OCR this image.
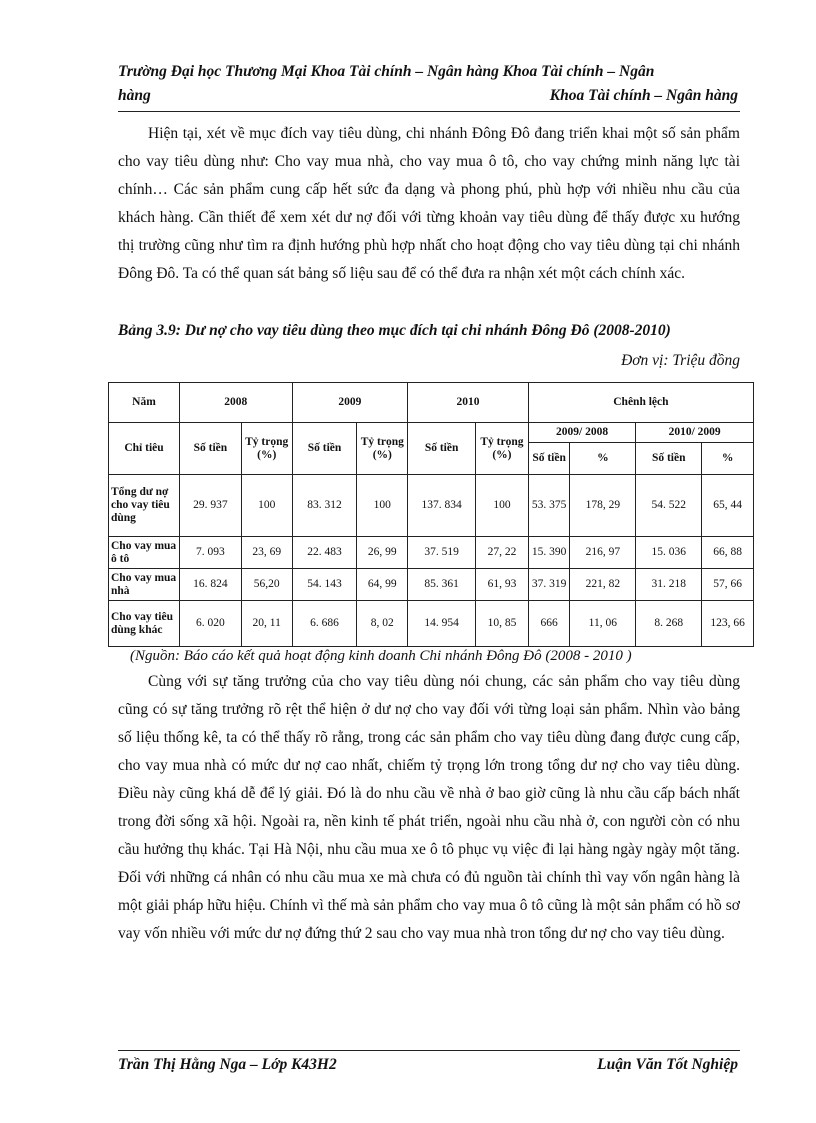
Trường Đại học Thương Mại Khoa Tài chính – Ngân hàng Khoa Tài chính – Ngân
hàng	Khoa Tài chính – Ngân hàng

Hiện tại, xét về mục đích vay tiêu dùng, chi nhánh Đông Đô đang triển khai một số sản phẩm cho vay tiêu dùng như: Cho vay mua nhà, cho vay mua ô tô, cho vay chứng minh năng lực tài chính… Các sản phẩm cung cấp hết sức đa dạng và phong phú, phù hợp với nhiều nhu cầu của khách hàng. Cần thiết để xem xét dư nợ đối với từng khoản vay tiêu dùng để thấy được xu hướng thị trường cũng như tìm ra định hướng phù hợp nhất cho hoạt động cho vay tiêu dùng tại chi nhánh Đông Đô. Ta có thể quan sát bảng số liệu sau để có thể đưa ra nhận xét một cách chính xác.

Bảng 3.9: Dư nợ cho vay tiêu dùng theo mục đích tại chi nhánh Đông Đô (2008-2010)
Đơn vị: Triệu đồng
Năm	2008		2009		2010		Chênh lệch			
Chỉ tiêu	Số tiền	Tỷ trọng (%)	Số tiền	Tỷ trọng (%)	Số tiền	Tỷ trọng (%)	2009/ 2008		2010/ 2009	
							Số tiền	%	Số tiền	%
Tổng dư nợ cho vay tiêu dùng	29. 937	100	83. 312	100	137. 834	100	53. 375	178, 29	54. 522	65, 44
Cho vay mua ô tô	7. 093	23, 69	22. 483	26, 99	37. 519	27, 22	15. 390	216, 97	15. 036	66, 88
Cho vay mua nhà	16. 824	56,20	54. 143	64, 99	85. 361	61, 93	37. 319	221, 82	31. 218	57, 66
Cho vay tiêu dùng khác	6. 020	20, 11	6. 686	8, 02	14. 954	10, 85	666	11, 06	8. 268	123, 66
(Nguồn: Báo cáo kết quả hoạt động kinh doanh Chi nhánh Đông Đô (2008 - 2010 )

Cùng với sự tăng trưởng của cho vay tiêu dùng nói chung, các sản phẩm cho vay tiêu dùng cũng có sự tăng trưởng rõ rệt thể hiện ở dư nợ cho vay đối với từng loại sản phẩm. Nhìn vào bảng số liệu thống kê, ta có thể thấy rõ rằng, trong các sản phẩm cho vay tiêu dùng đang được cung cấp, cho vay mua nhà có mức dư nợ cao nhất, chiếm tỷ trọng lớn trong tổng dư nợ cho vay tiêu dùng. Điều này cũng khá dễ để lý giải. Đó là do nhu cầu về nhà ở bao giờ cũng là nhu cầu cấp bách nhất trong đời sống xã hội. Ngoài ra, nền kinh tế phát triển, ngoài nhu cầu nhà ở, con người còn có nhu cầu hưởng thụ khác. Tại Hà Nội, nhu cầu mua xe ô tô phục vụ việc đi lại hàng ngày ngày một tăng. Đối với những cá nhân có nhu cầu mua xe mà chưa có đủ nguồn tài chính thì vay vốn ngân hàng là một giải pháp hữu hiệu. Chính vì thế mà sản phẩm cho vay mua ô tô cũng là một sản phẩm có hồ sơ vay vốn nhiều với mức dư nợ đứng thứ 2 sau cho vay mua nhà tron tổng dư nợ cho vay tiêu dùng.

Trần Thị Hằng Nga – Lớp K43H2	Luận Văn Tốt Nghiệp
